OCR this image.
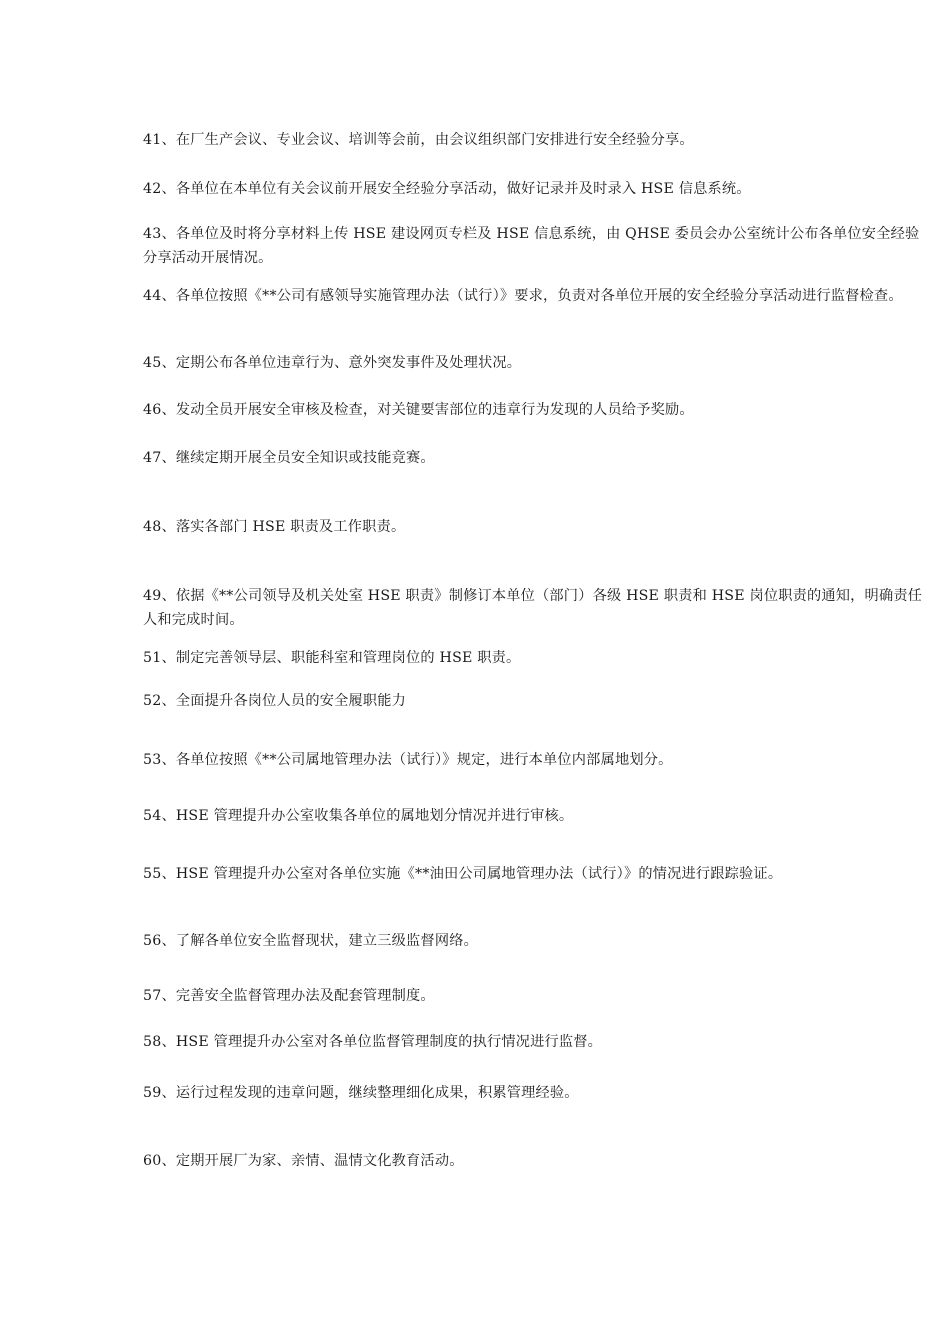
41、在厂生产会议、专业会议、培训等会前，由会议组织部门安排进行安全经验分享。

42、各单位在本单位有关会议前开展安全经验分享活动，做好记录并及时录入 HSE 信息系统。

43、各单位及时将分享材料上传 HSE 建设网页专栏及 HSE 信息系统，由 QHSE 委员会办公室统计公布各单位安全经验分享活动开展情况。

44、各单位按照《**公司有感领导实施管理办法（试行）》要求，负责对各单位开展的安全经验分享活动进行监督检查。

45、定期公布各单位违章行为、意外突发事件及处理状况。

46、发动全员开展安全审核及检查，对关键要害部位的违章行为发现的人员给予奖励。

47、继续定期开展全员安全知识或技能竞赛。

48、落实各部门 HSE 职责及工作职责。

49、依据《**公司领导及机关处室 HSE 职责》制修订本单位（部门）各级 HSE 职责和 HSE 岗位职责的通知，明确责任人和完成时间。

51、制定完善领导层、职能科室和管理岗位的 HSE 职责。

52、全面提升各岗位人员的安全履职能力

53、各单位按照《**公司属地管理办法（试行）》规定，进行本单位内部属地划分。

54、HSE 管理提升办公室收集各单位的属地划分情况并进行审核。

55、HSE 管理提升办公室对各单位实施《**油田公司属地管理办法（试行）》的情况进行跟踪验证。

56、了解各单位安全监督现状，建立三级监督网络。

57、完善安全监督管理办法及配套管理制度。

58、HSE 管理提升办公室对各单位监督管理制度的执行情况进行监督。

59、运行过程发现的违章问题，继续整理细化成果，积累管理经验。

60、定期开展厂为家、亲情、温情文化教育活动。
